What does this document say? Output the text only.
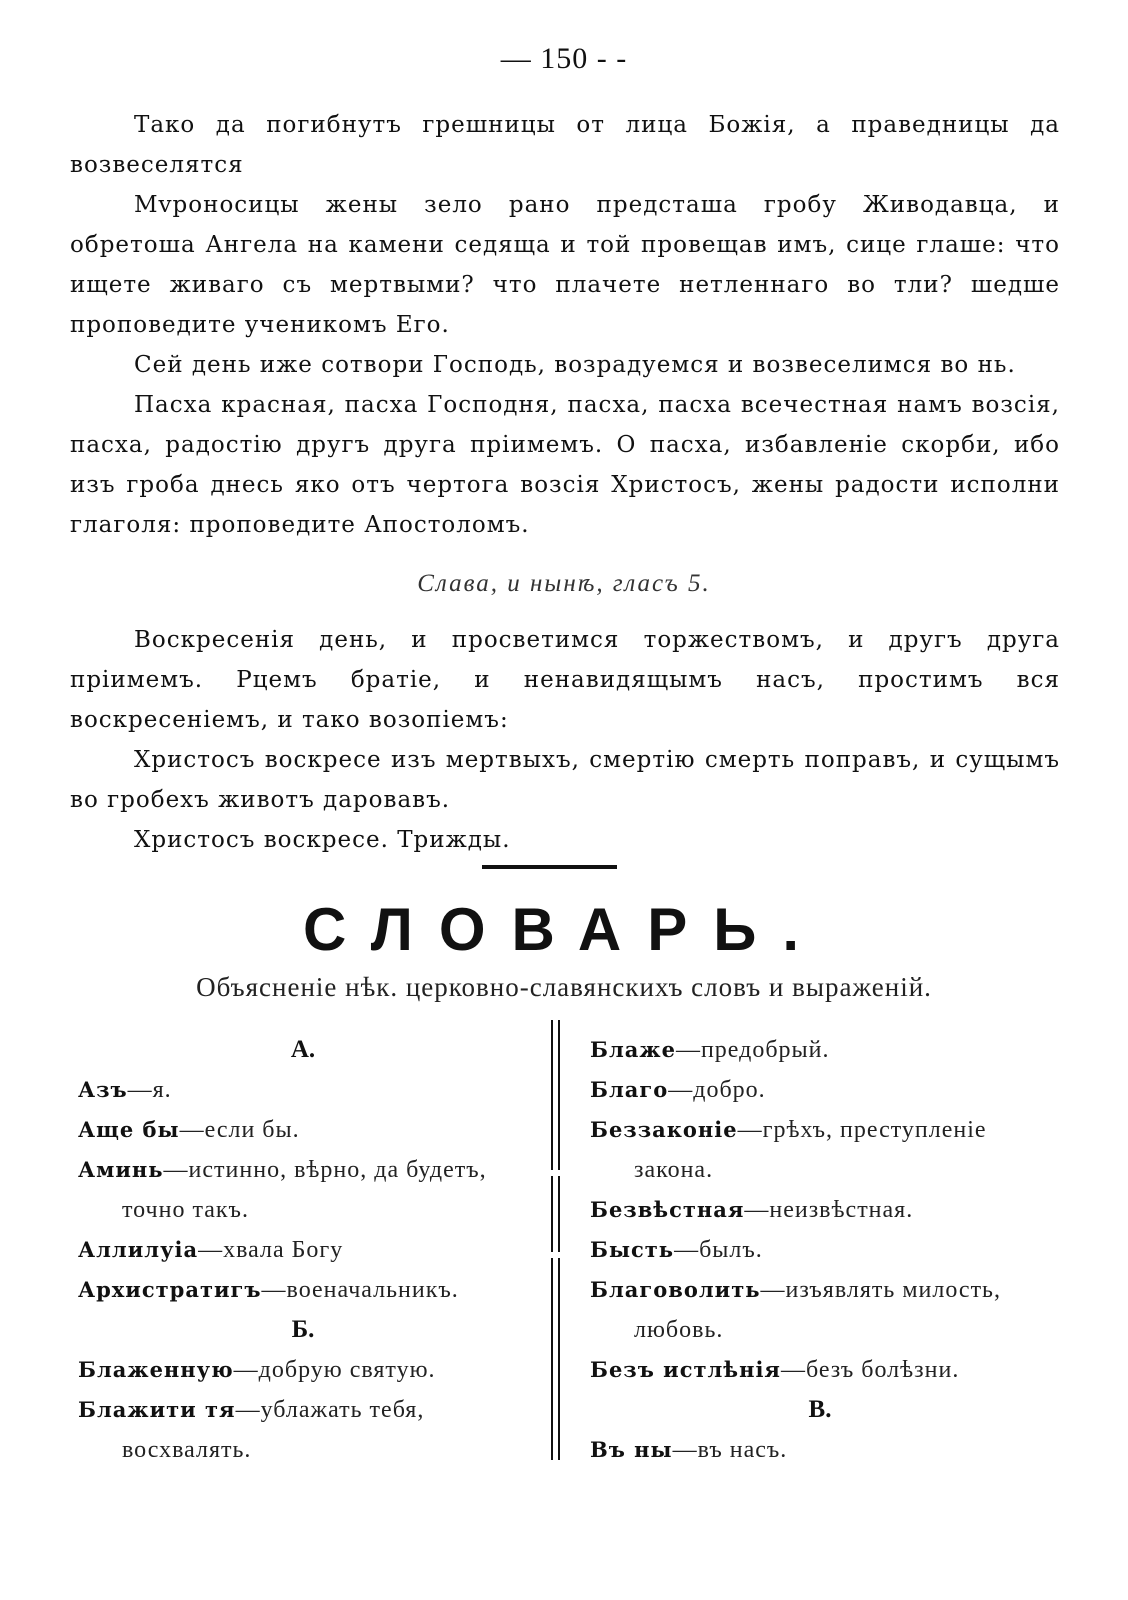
— 150 - -

Тако да погибнутъ грешницы от лица Божiя, а праведницы да возвеселятся

Мvроносицы жены зело рано предсташа гробу Живодавца, и обретоша Ангела на камени седяща и той провещав имъ, сице глаше: что ищете живаго съ мертвыми? что плачете нетленнаго во тли? шедше проповедите ученикомъ Его.

Сей день иже сотвори Господь, возрадуемся и возвеселимся во нь.

Пасха красная, пасха Господня, пасха, пасха всечестная намъ возсiя, пасха, радостiю другъ друга прiимемъ. О пасха, избавленiе скорби, ибо изъ гроба днесь яко отъ чертога возсiя Христосъ, жены радости исполни глаголя: проповедите Апостоломъ.

Слава, и нынѣ, гласъ 5.

Воскресенiя день, и просветимся торжествомъ, и другъ друга прiимемъ. Рцемъ братiе, и ненавидящымъ насъ, простимъ вся воскресенiемъ, и тако возопiемъ:

Христосъ воскресе изъ мертвыхъ, смертiю смерть поправъ, и сущымъ во гробехъ животъ даровавъ.

Христосъ воскресе. Трижды.

СЛОВАРЬ.
Объясненіе нѣк. церковно-славянскихъ словъ и выраженій.
А.

Азъ—я.

Аще бы—если бы.

Аминь—истинно, вѣрно, да будетъ, точно такъ.

Аллилуiа—хвала Богу

Архистратигъ—военачальникъ.

Б.

Блаженную—добрую святую.

Блажити тя—ублажать тебя, восхвалять.

Блаже—предобрый.

Благо—добро.

Беззаконiе—грѣхъ, преступленіе закона.

Безвѣстная—неизвѣстная.

Бысть—былъ.

Благоволить—изъявлять милость, любовь.

Безъ истлѣнiя—безъ болѣзни.

В.

Въ ны—въ насъ.
